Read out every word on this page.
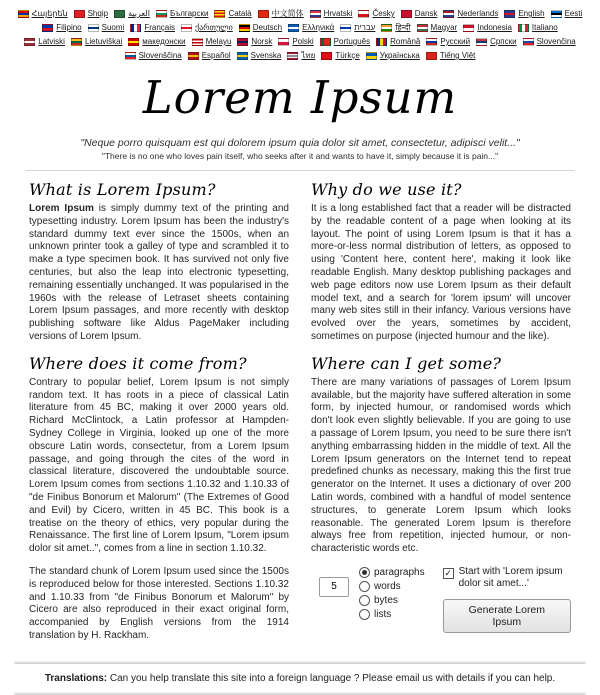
Հայերեն	Shqip	العربية	Български	Català	中文简体	Hrvatski	Česky	Dansk	Nederlands	English	Eesti
Filipino	Suomi	Français	ქართული	Deutsch	Ελληνικά	עברית	हिन्दी	Magyar	Indonesia	Italiano
Latviski	Lietuviškai	македонски	Melayu	Norsk	Polski	Português	Română	Русский	Српски	Slovenčina
Slovenščina	Español	Svenska	ไทย	Türkçe	Українська	Tiếng Việt
Lorem Ipsum
"Neque porro quisquam est qui dolorem ipsum quia dolor sit amet, consectetur, adipisci velit..."
"There is no one who loves pain itself, who seeks after it and wants to have it, simply because it is pain..."
What is Lorem Ipsum?

Lorem Ipsum is simply dummy text of the printing and typesetting industry. Lorem Ipsum has been the industry's standard dummy text ever since the 1500s, when an unknown printer took a galley of type and scrambled it to make a type specimen book. It has survived not only five centuries, but also the leap into electronic typesetting, remaining essentially unchanged. It was popularised in the 1960s with the release of Letraset sheets containing Lorem Ipsum passages, and more recently with desktop publishing software like Aldus PageMaker including versions of Lorem Ipsum.

Where does it come from?

Contrary to popular belief, Lorem Ipsum is not simply random text. It has roots in a piece of classical Latin literature from 45 BC, making it over 2000 years old. Richard McClintock, a Latin professor at Hampden-Sydney College in Virginia, looked up one of the more obscure Latin words, consectetur, from a Lorem Ipsum passage, and going through the cites of the word in classical literature, discovered the undoubtable source. Lorem Ipsum comes from sections 1.10.32 and 1.10.33 of "de Finibus Bonorum et Malorum" (The Extremes of Good and Evil) by Cicero, written in 45 BC. This book is a treatise on the theory of ethics, very popular during the Renaissance. The first line of Lorem Ipsum, "Lorem ipsum dolor sit amet..", comes from a line in section 1.10.32.

The standard chunk of Lorem Ipsum used since the 1500s is reproduced below for those interested. Sections 1.10.32 and 1.10.33 from "de Finibus Bonorum et Malorum" by Cicero are also reproduced in their exact original form, accompanied by English versions from the 1914 translation by H. Rackham.

Why do we use it?

It is a long established fact that a reader will be distracted by the readable content of a page when looking at its layout. The point of using Lorem Ipsum is that it has a more-or-less normal distribution of letters, as opposed to using 'Content here, content here', making it look like readable English. Many desktop publishing packages and web page editors now use Lorem Ipsum as their default model text, and a search for 'lorem ipsum' will uncover many web sites still in their infancy. Various versions have evolved over the years, sometimes by accident, sometimes on purpose (injected humour and the like).

Where can I get some?

There are many variations of passages of Lorem Ipsum available, but the majority have suffered alteration in some form, by injected humour, or randomised words which don't look even slightly believable. If you are going to use a passage of Lorem Ipsum, you need to be sure there isn't anything embarrassing hidden in the middle of text. All the Lorem Ipsum generators on the Internet tend to repeat predefined chunks as necessary, making this the first true generator on the Internet. It uses a dictionary of over 200 Latin words, combined with a handful of model sentence structures, to generate Lorem Ipsum which looks reasonable. The generated Lorem Ipsum is therefore always free from repetition, injected humour, or non-characteristic words etc.

5
paragraphs
words
bytes
lists
✓ Start with 'Lorem ipsum dolor sit amet...'
Generate Lorem Ipsum

Translations: Can you help translate this site into a foreign language ? Please email us with details if you can help.
